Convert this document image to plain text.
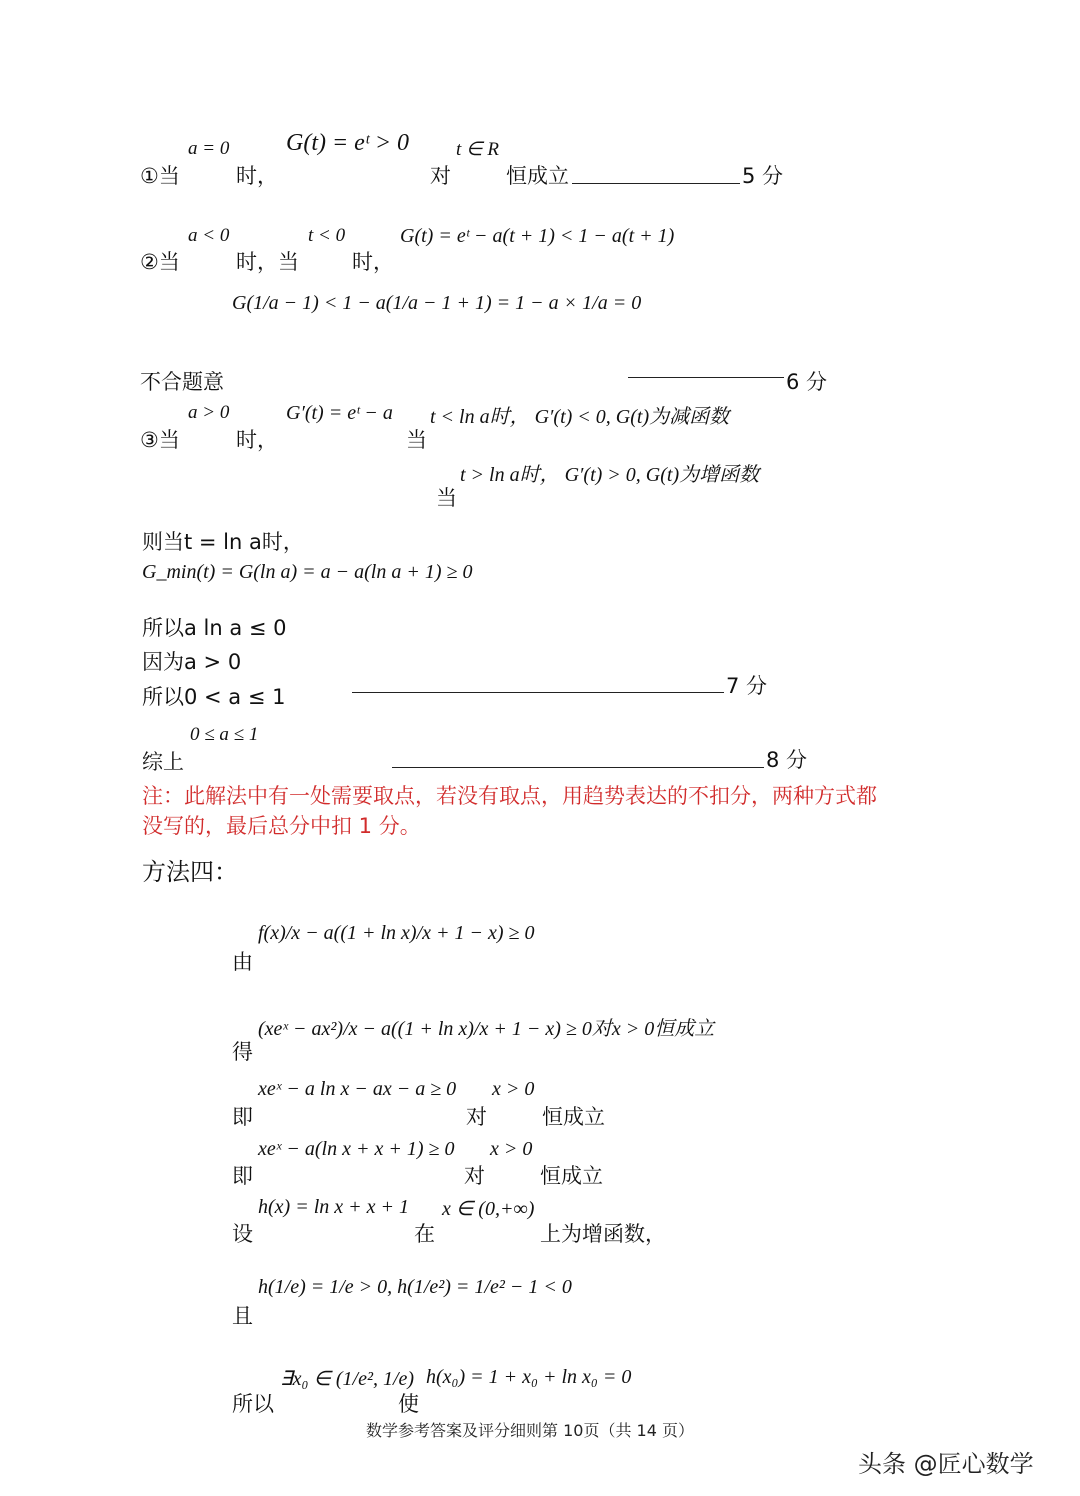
a = 0 G(t) = eᵗ > 0 t ∈ R
①当	时，	对	恒成立	5 分
a < 0	t < 0	G(t) = eᵗ − a(t + 1) < 1 − a(t + 1)
②当	时，当	时，
G(1/a − 1) < 1 − a(1/a − 1 + 1) = 1 − a × 1/a = 0
不合题意	6 分
a > 0	G′(t) = eᵗ − a t < ln a时， G′(t) < 0, G(t)为减函数
③当	时，	当
t > ln a时， G′(t) > 0, G(t)为增函数
当
则当t = ln a时，
G_min(t) = G(ln a) = a − a(ln a + 1) ≥ 0
所以a ln a ≤ 0
因为a > 0
所以0 < a ≤ 1	7 分
0 ≤ a ≤ 1
综上	8 分
注：此解法中有一处需要取点，若没有取点，用趋势表达的不扣分，两种方式都
没写的，最后总分中扣 1 分。
方法四：
f(x)/x − a((1 + ln x)/x + 1 − x) ≥ 0
由
(xeˣ − ax²)/x − a((1 + ln x)/x + 1 − x) ≥ 0对x > 0恒成立
得
xeˣ − a ln x − ax − a ≥ 0 x > 0
即	对	恒成立
xeˣ − a(ln x + x + 1) ≥ 0 x > 0
即	对	恒成立
h(x) = ln x + x + 1 x ∈ (0,+∞)
设	在	上为增函数，
h(1/e) = 1/e > 0, h(1/e²) = 1/e² − 1 < 0
且
∃x₀ ∈ (1/e², 1/e) h(x₀) = 1 + x₀ + ln x₀ = 0
所以	使
数学参考答案及评分细则第 10页（共 14 页）
头条 @匠心数学
